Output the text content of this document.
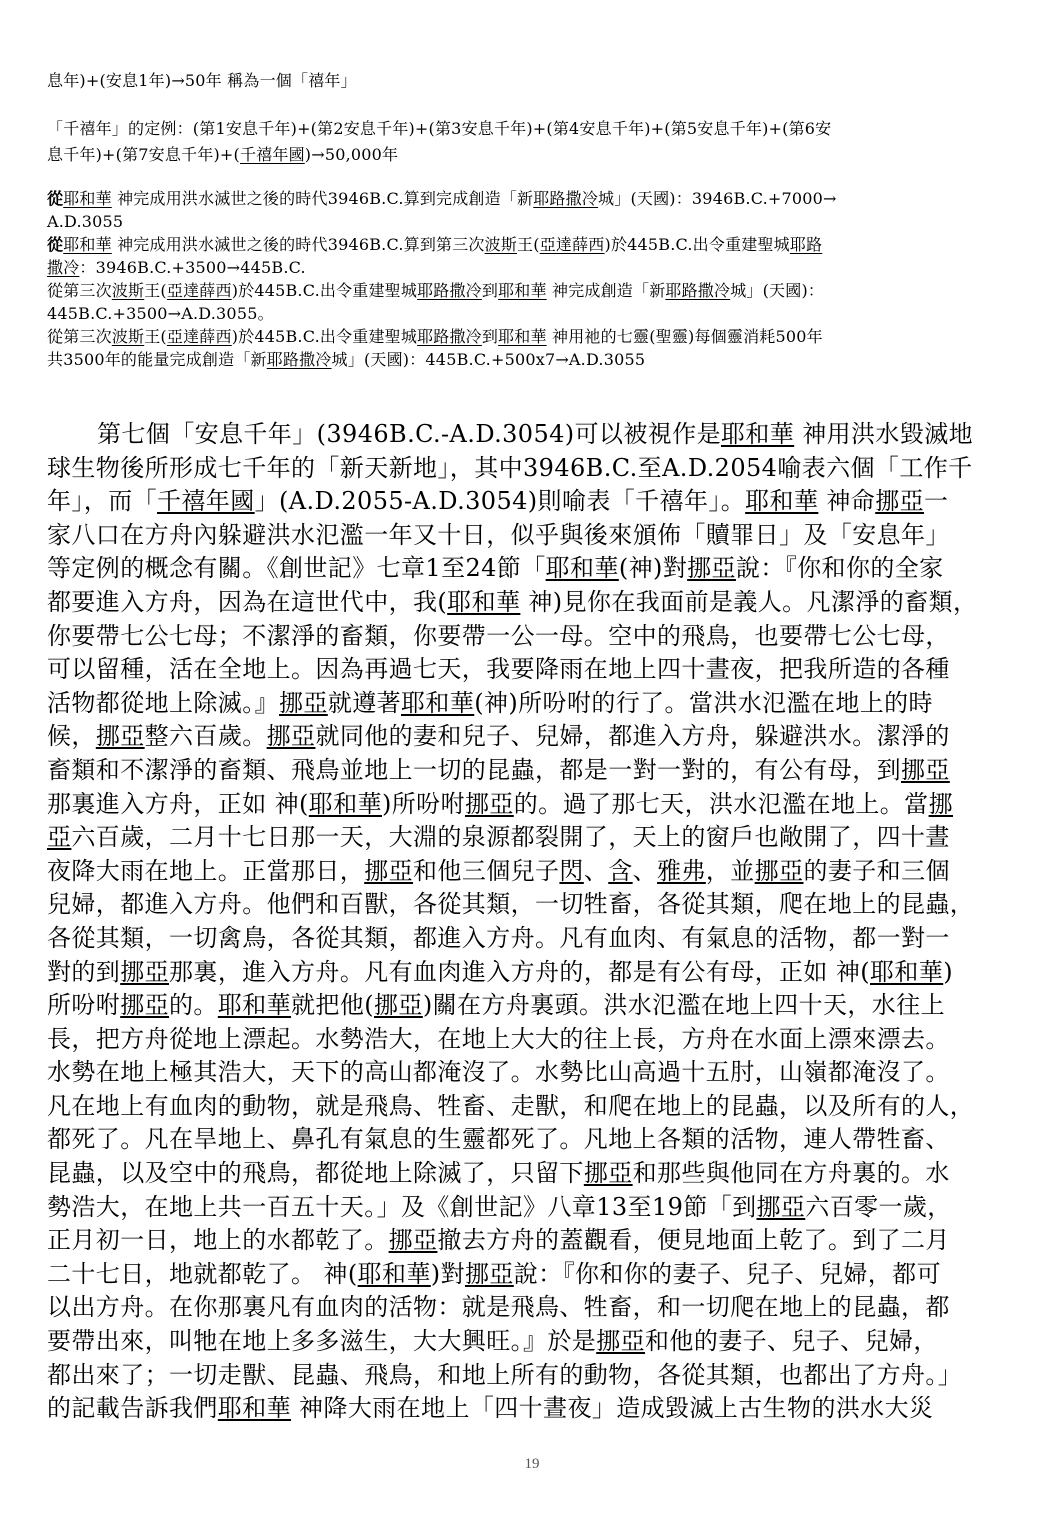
息年)+(安息1年)→50年 稱為一個「禧年」
「千禧年」的定例：(第1安息千年)+(第2安息千年)+(第3安息千年)+(第4安息千年)+(第5安息千年)+(第6安
息千年)+(第7安息千年)+(千禧年國)→50,000年
從耶和華 神完成用洪水滅世之後的時代3946B.C.算到完成創造「新耶路撒冷城」(天國)：3946B.C.+7000→
A.D.3055
從耶和華 神完成用洪水滅世之後的時代3946B.C.算到第三次波斯王(亞達薛西)於445B.C.出令重建聖城耶路
撒冷：3946B.C.+3500→445B.C.
從第三次波斯王(亞達薛西)於445B.C.出令重建聖城耶路撒冷到耶和華 神完成創造「新耶路撒冷城」(天國)：
445B.C.+3500→A.D.3055。
從第三次波斯王(亞達薛西)於445B.C.出令重建聖城耶路撒冷到耶和華 神用祂的七靈(聖靈)每個靈消耗500年
共3500年的能量完成創造「新耶路撒冷城」(天國)：445B.C.+500x7→A.D.3055
第七個「安息千年」(3946B.C.-A.D.3054)可以被視作是耶和華 神用洪水毀滅地
球生物後所形成七千年的「新天新地」，其中3946B.C.至A.D.2054喻表六個「工作千
年」，而「千禧年國」(A.D.2055-A.D.3054)則喻表「千禧年」。耶和華 神命挪亞一
家八口在方舟內躲避洪水氾濫一年又十日，似乎與後來頒佈「贖罪日」及「安息年」
等定例的概念有關。《創世記》七章1至24節「耶和華(神)對挪亞說：『你和你的全家
都要進入方舟，因為在這世代中，我(耶和華 神)見你在我面前是義人。凡潔淨的畜類，
你要帶七公七母；不潔淨的畜類，你要帶一公一母。空中的飛鳥，也要帶七公七母，
可以留種，活在全地上。因為再過七天，我要降雨在地上四十晝夜，把我所造的各種
活物都從地上除滅。』挪亞就遵著耶和華(神)所吩咐的行了。當洪水氾濫在地上的時
候，挪亞整六百歲。挪亞就同他的妻和兒子、兒婦，都進入方舟，躲避洪水。潔淨的
畜類和不潔淨的畜類、飛鳥並地上一切的昆蟲，都是一對一對的，有公有母，到挪亞
那裏進入方舟，正如 神(耶和華)所吩咐挪亞的。過了那七天，洪水氾濫在地上。當挪
亞六百歲，二月十七日那一天，大淵的泉源都裂開了，天上的窗戶也敞開了，四十晝
夜降大雨在地上。正當那日，挪亞和他三個兒子閃、含、雅弗，並挪亞的妻子和三個
兒婦，都進入方舟。他們和百獸，各從其類，一切牲畜，各從其類，爬在地上的昆蟲，
各從其類，一切禽鳥，各從其類，都進入方舟。凡有血肉、有氣息的活物，都一對一
對的到挪亞那裏，進入方舟。凡有血肉進入方舟的，都是有公有母，正如 神(耶和華)
所吩咐挪亞的。耶和華就把他(挪亞)關在方舟裏頭。洪水氾濫在地上四十天，水往上
長，把方舟從地上漂起。水勢浩大，在地上大大的往上長，方舟在水面上漂來漂去。
水勢在地上極其浩大，天下的高山都淹沒了。水勢比山高過十五肘，山嶺都淹沒了。
凡在地上有血肉的動物，就是飛鳥、牲畜、走獸，和爬在地上的昆蟲，以及所有的人，
都死了。凡在旱地上、鼻孔有氣息的生靈都死了。凡地上各類的活物，連人帶牲畜、
昆蟲，以及空中的飛鳥，都從地上除滅了，只留下挪亞和那些與他同在方舟裏的。水
勢浩大，在地上共一百五十天。」及《創世記》八章13至19節「到挪亞六百零一歲，
正月初一日，地上的水都乾了。挪亞撤去方舟的蓋觀看，便見地面上乾了。到了二月
二十七日，地就都乾了。 神(耶和華)對挪亞說：『你和你的妻子、兒子、兒婦，都可
以出方舟。在你那裏凡有血肉的活物：就是飛鳥、牲畜，和一切爬在地上的昆蟲，都
要帶出來，叫牠在地上多多滋生，大大興旺。』於是挪亞和他的妻子、兒子、兒婦，
都出來了；一切走獸、昆蟲、飛鳥，和地上所有的動物，各從其類，也都出了方舟。」
的記載告訴我們耶和華 神降大雨在地上「四十晝夜」造成毀滅上古生物的洪水大災
19
